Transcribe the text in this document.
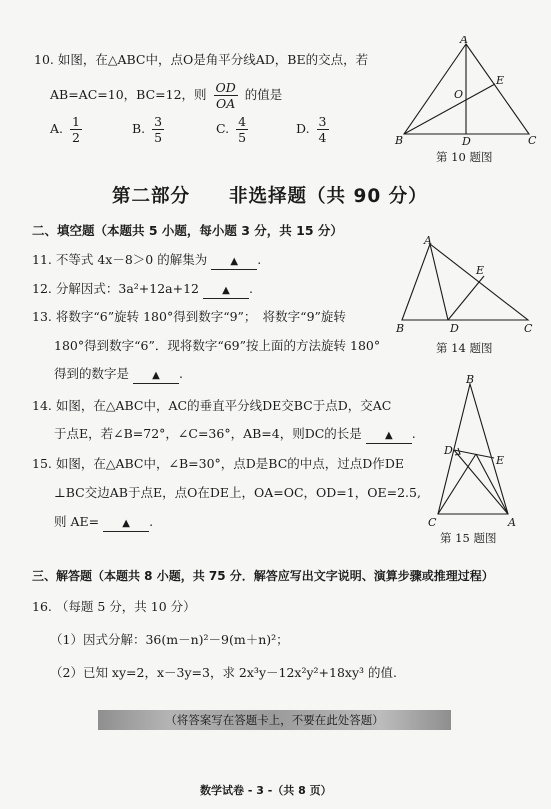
10. 如图，在△ABC中，点O是角平分线AD，BE的交点，若
AB=AC=10，BC=12，则 $\frac{OD}{OA}$ 的值是
A. $\frac{1}{2}$	B. $\frac{3}{5}$	C. $\frac{4}{5}$	D. $\frac{3}{4}$
A
B	C
D
E
O
第 10 题图
第二部分　　非选择题（共 90 分）
二、填空题（本题共 5 小题，每小题 3 分，共 15 分）
11. 不等式 4x－8＞0 的解集为 ▲ .
12. 分解因式：3a²+12a+12 ▲ .
13. 将数字“6”旋转 180°得到数字“9”；　将数字“9”旋转
180°得到数字“6”．现将数字“69”按上面的方法旋转 180°
得到的数字是 ▲ .
A
B	C
D
E
第 14 题图
14. 如图，在△ABC中，AC的垂直平分线DE交BC于点D，交AC
于点E，若∠B=72°，∠C=36°，AB=4，则DC的长是 ▲ .
15. 如图，在△ABC中，∠B=30°，点D是BC的中点，过点D作DE
⊥BC交边AB于点E，点O在DE上，OA=OC，OD=1，OE=2.5,
则 AE= ▲ .
B
D
E
C	A
第 15 题图
三、解答题（本题共 8 小题，共 75 分．解答应写出文字说明、演算步骤或推理过程）
16. （每题 5 分，共 10 分）
（1）因式分解：36(m－n)²－9(m＋n)²；
（2）已知 xy=2，x－3y=3，求 2x³y－12x²y²+18xy³ 的值.
（将答案写在答题卡上，不要在此处答题）
数学试卷 - 3 -（共 8 页）
